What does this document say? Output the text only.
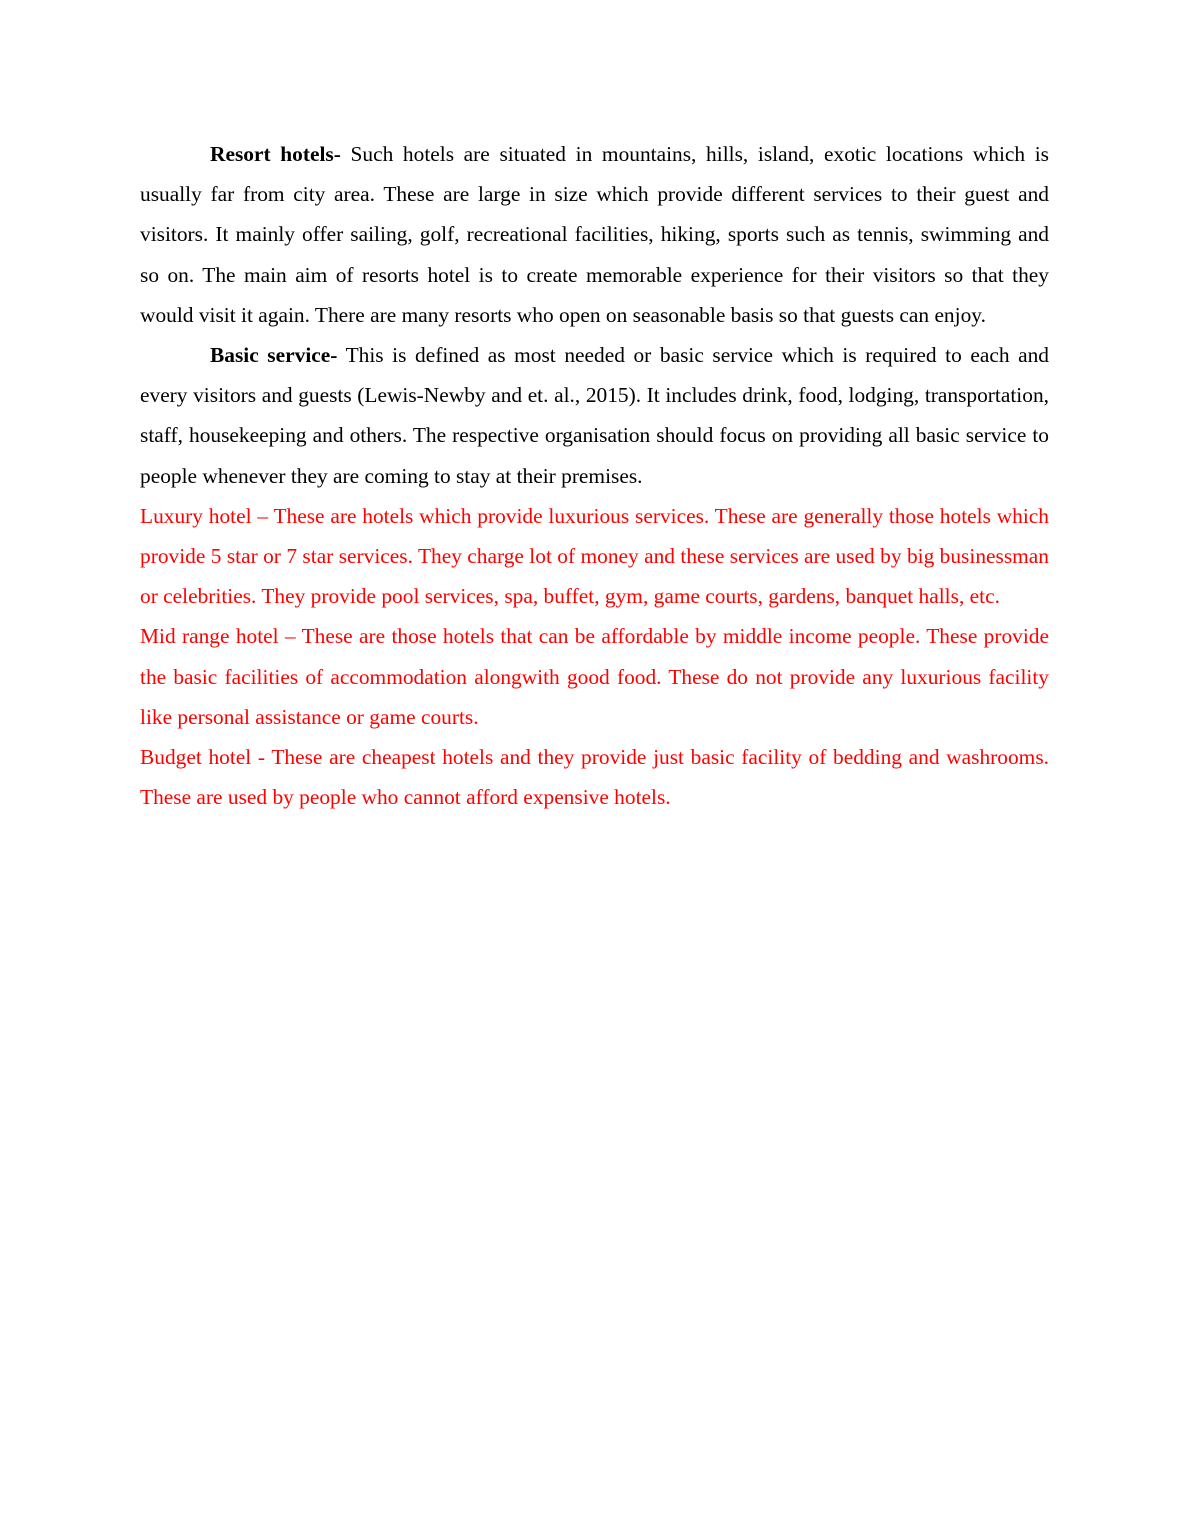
Resort hotels- Such hotels are situated in mountains, hills, island, exotic locations which is usually far from city area. These are large in size which provide different services to their guest and visitors. It mainly offer sailing, golf, recreational facilities, hiking, sports such as tennis, swimming and so on. The main aim of resorts hotel is to create memorable experience for their visitors so that they would visit it again. There are many resorts who open on seasonable basis so that guests can enjoy.

Basic service- This is defined as most needed or basic service which is required to each and every visitors and guests (Lewis-Newby and et. al., 2015). It includes drink, food, lodging, transportation, staff, housekeeping and others. The respective organisation should focus on providing all basic service to people whenever they are coming to stay at their premises.

Luxury hotel – These are hotels which provide luxurious services. These are generally those hotels which provide 5 star or 7 star services. They charge lot of money and these services are used by big businessman or celebrities. They provide pool services, spa, buffet, gym, game courts, gardens, banquet halls, etc.

Mid range hotel – These are those hotels that can be affordable by middle income people. These provide the basic facilities of accommodation alongwith good food. These do not provide any luxurious facility like personal assistance or game courts.

Budget hotel - These are cheapest hotels and they provide just basic facility of bedding and washrooms. These are used by people who cannot afford expensive hotels.
